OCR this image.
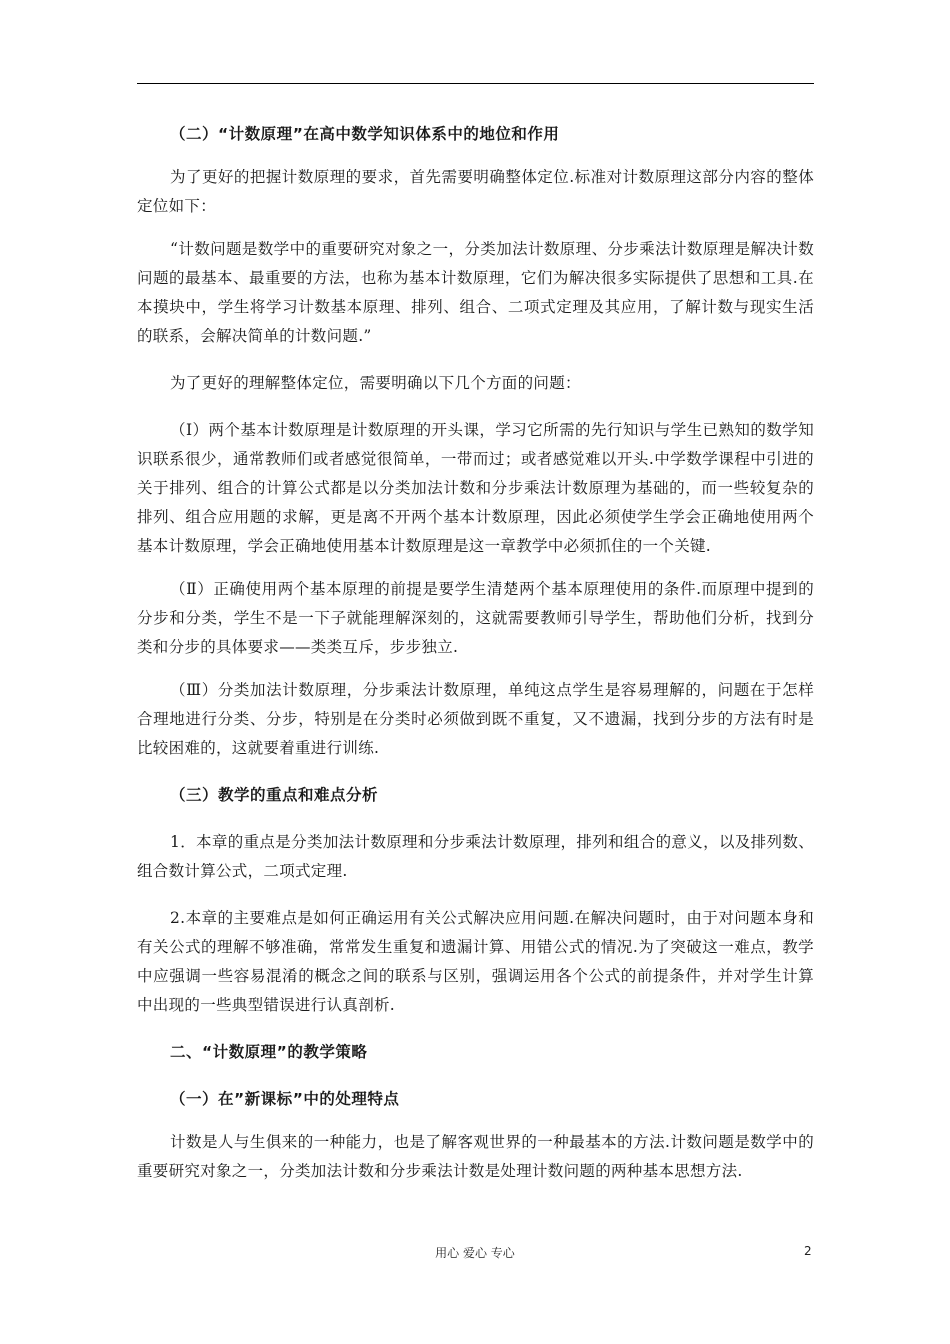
（二）“计数原理”在高中数学知识体系中的地位和作用

为了更好的把握计数原理的要求，首先需要明确整体定位.标准对计数原理这部分内容的整体定位如下：

“计数问题是数学中的重要研究对象之一，分类加法计数原理、分步乘法计数原理是解决计数问题的最基本、最重要的方法，也称为基本计数原理，它们为解决很多实际提供了思想和工具.在本摸块中，学生将学习计数基本原理、排列、组合、二项式定理及其应用，了解计数与现实生活的联系，会解决简单的计数问题.”

为了更好的理解整体定位，需要明确以下几个方面的问题：

（Ⅰ）两个基本计数原理是计数原理的开头课，学习它所需的先行知识与学生已熟知的数学知识联系很少，通常教师们或者感觉很简单，一带而过；或者感觉难以开头.中学数学课程中引进的关于排列、组合的计算公式都是以分类加法计数和分步乘法计数原理为基础的，而一些较复杂的排列、组合应用题的求解，更是离不开两个基本计数原理，因此必须使学生学会正确地使用两个基本计数原理，学会正确地使用基本计数原理是这一章教学中必须抓住的一个关键.

（Ⅱ）正确使用两个基本原理的前提是要学生清楚两个基本原理使用的条件.而原理中提到的分步和分类，学生不是一下子就能理解深刻的，这就需要教师引导学生，帮助他们分析，找到分类和分步的具体要求——类类互斥，步步独立.

（Ⅲ）分类加法计数原理，分步乘法计数原理，单纯这点学生是容易理解的，问题在于怎样合理地进行分类、分步，特别是在分类时必须做到既不重复，又不遗漏，找到分步的方法有时是比较困难的，这就要着重进行训练.

（三）教学的重点和难点分析

1．本章的重点是分类加法计数原理和分步乘法计数原理，排列和组合的意义，以及排列数、组合数计算公式，二项式定理.

2.本章的主要难点是如何正确运用有关公式解决应用问题.在解决问题时，由于对问题本身和有关公式的理解不够准确，常常发生重复和遗漏计算、用错公式的情况.为了突破这一难点，教学中应强调一些容易混淆的概念之间的联系与区别，强调运用各个公式的前提条件，并对学生计算中出现的一些典型错误进行认真剖析.

二、“计数原理”的教学策略

（一）在”新课标”中的处理特点

计数是人与生俱来的一种能力，也是了解客观世界的一种最基本的方法.计数问题是数学中的重要研究对象之一，分类加法计数和分步乘法计数是处理计数问题的两种基本思想方法.

用心 爱心 专心	2
